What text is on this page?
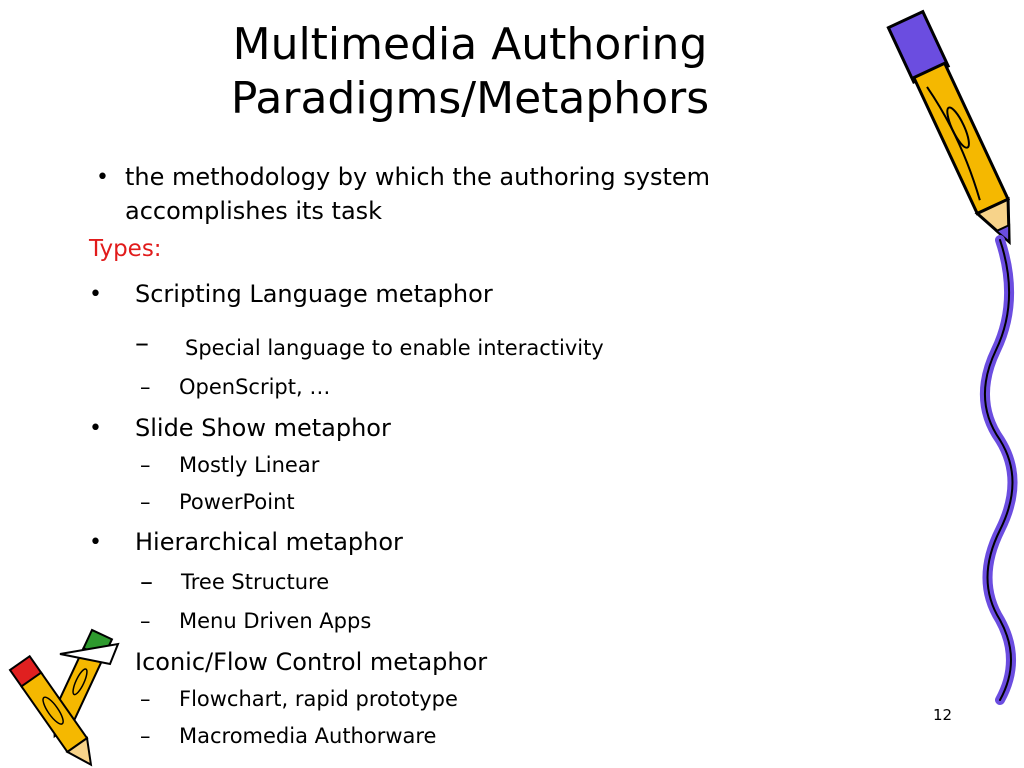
Multimedia Authoring
Paradigms/Metaphors
• the methodology by which the authoring system
accomplishes its task
Types:
• Scripting Language metaphor
– Special language to enable interactivity
– OpenScript, …
• Slide Show metaphor
– Mostly Linear
– PowerPoint
• Hierarchical metaphor
– Tree Structure
– Menu Driven Apps
Iconic/Flow Control metaphor
– Flowchart, rapid prototype
– Macromedia Authorware
12
